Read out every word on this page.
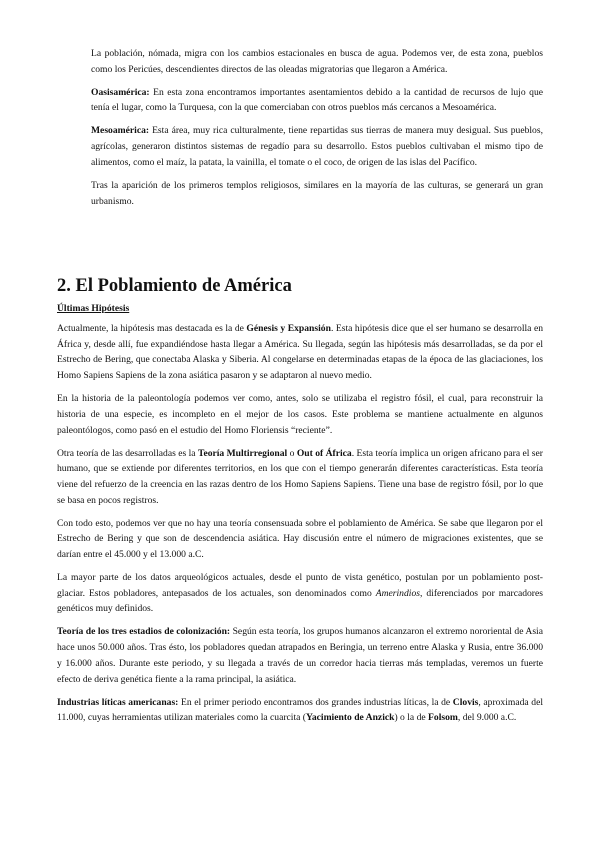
La población, nómada, migra con los cambios estacionales en busca de agua. Podemos ver, de esta zona, pueblos como los Pericúes, descendientes directos de las oleadas migratorias que llegaron a América.

Oasisamérica: En esta zona encontramos importantes asentamientos debido a la cantidad de recursos de lujo que tenía el lugar, como la Turquesa, con la que comerciaban con otros pueblos más cercanos a Mesoamérica.

Mesoamérica: Esta área, muy rica culturalmente, tiene repartidas sus tierras de manera muy desigual. Sus pueblos, agrícolas, generaron distintos sistemas de regadío para su desarrollo. Estos pueblos cultivaban el mismo tipo de alimentos, como el maíz, la patata, la vainilla, el tomate o el coco, de origen de las islas del Pacífico.

Tras la aparición de los primeros templos religiosos, similares en la mayoría de las culturas, se generará un gran urbanismo.

2. El Poblamiento de América
Últimas Hipótesis

Actualmente, la hipótesis mas destacada es la de Génesis y Expansión. Esta hipótesis dice que el ser humano se desarrolla en África y, desde allí, fue expandiéndose hasta llegar a América. Su llegada, según las hipótesis más desarrolladas, se da por el Estrecho de Bering, que conectaba Alaska y Siberia. Al congelarse en determinadas etapas de la época de las glaciaciones, los Homo Sapiens Sapiens de la zona asiática pasaron y se adaptaron al nuevo medio.

En la historia de la paleontología podemos ver como, antes, solo se utilizaba el registro fósil, el cual, para reconstruir la historia de una especie, es incompleto en el mejor de los casos. Este problema se mantiene actualmente en algunos paleontólogos, como pasó en el estudio del Homo Floriensis “reciente”.

Otra teoría de las desarrolladas es la Teoría Multirregional o Out of África. Esta teoría implica un origen africano para el ser humano, que se extiende por diferentes territorios, en los que con el tiempo generarán diferentes características. Esta teoría viene del refuerzo de la creencia en las razas dentro de los Homo Sapiens Sapiens. Tiene una base de registro fósil, por lo que se basa en pocos registros.

Con todo esto, podemos ver que no hay una teoría consensuada sobre el poblamiento de América. Se sabe que llegaron por el Estrecho de Bering y que son de descendencia asiática. Hay discusión entre el número de migraciones existentes, que se darían entre el 45.000 y el 13.000 a.C.

La mayor parte de los datos arqueológicos actuales, desde el punto de vista genético, postulan por un poblamiento post-glaciar. Estos pobladores, antepasados de los actuales, son denominados como Amerindios, diferenciados por marcadores genéticos muy definidos.

Teoría de los tres estadios de colonización: Según esta teoría, los grupos humanos alcanzaron el extremo nororiental de Asia hace unos 50.000 años. Tras ésto, los pobladores quedan atrapados en Beringia, un terreno entre Alaska y Rusia, entre 36.000 y 16.000 años. Durante este periodo, y su llegada a través de un corredor hacia tierras más templadas, veremos un fuerte efecto de deriva genética fiente a la rama principal, la asiática.

Industrias líticas americanas: En el primer periodo encontramos dos grandes industrias líticas, la de Clovis, aproximada del 11.000, cuyas herramientas utilizan materiales como la cuarcita (Yacimiento de Anzick) o la de Folsom, del 9.000 a.C.
